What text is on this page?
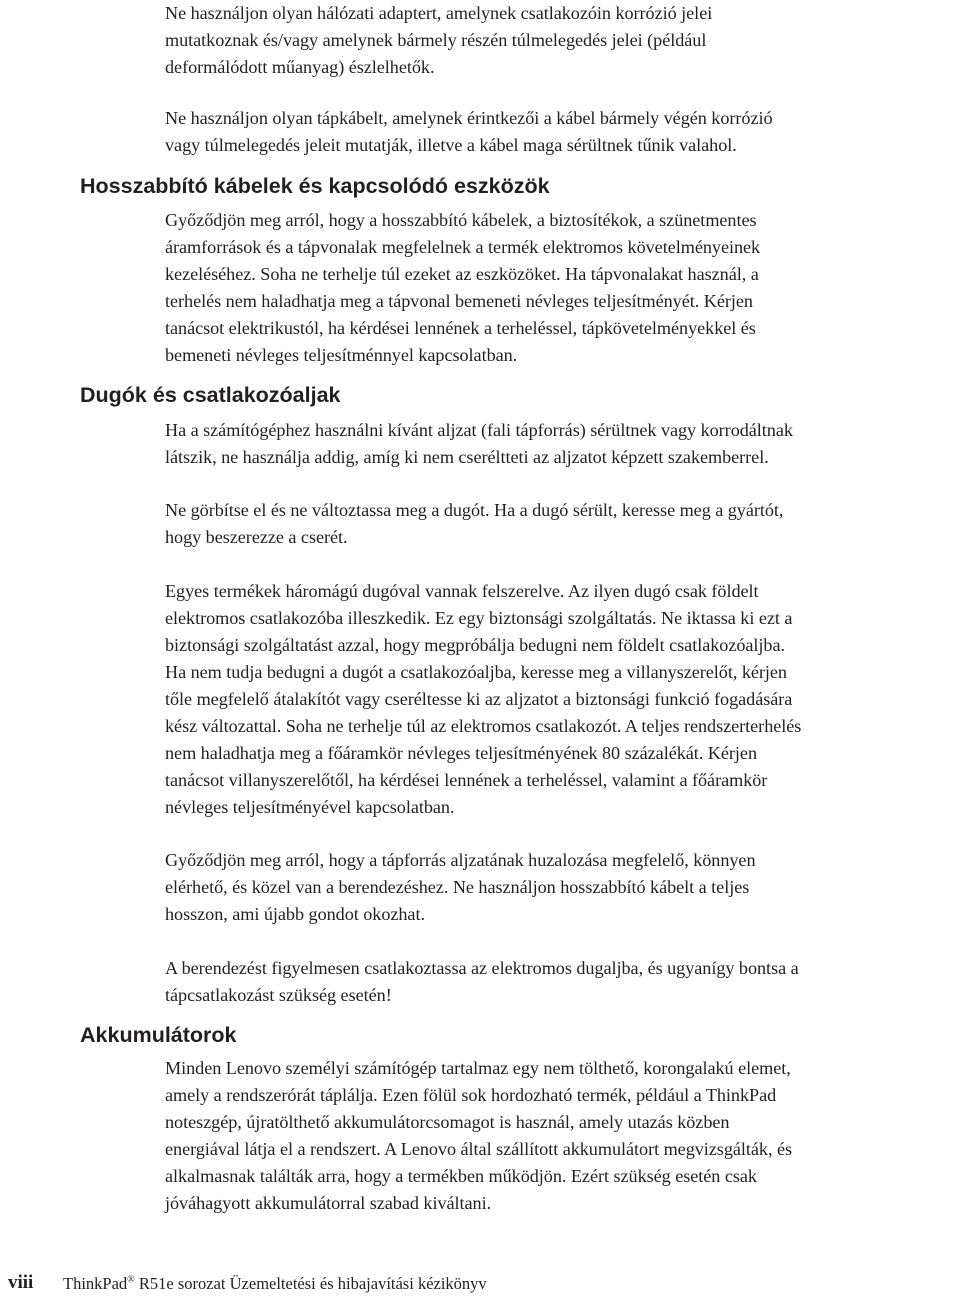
Ne használjon olyan hálózati adaptert, amelynek csatlakozóin korrózió jelei
mutatkoznak és/vagy amelynek bármely részén túlmelegedés jelei (például
deformálódott műanyag) észlelhetők.

Ne használjon olyan tápkábelt, amelynek érintkezői a kábel bármely végén korrózió
vagy túlmelegedés jeleit mutatják, illetve a kábel maga sérültnek tűnik valahol.

Hosszabbító kábelek és kapcsolódó eszközök

Győződjön meg arról, hogy a hosszabbító kábelek, a biztosítékok, a szünetmentes
áramforrások és a tápvonalak megfelelnek a termék elektromos követelményeinek
kezeléséhez. Soha ne terhelje túl ezeket az eszközöket. Ha tápvonalakat használ, a
terhelés nem haladhatja meg a tápvonal bemeneti névleges teljesítményét. Kérjen
tanácsot elektrikustól, ha kérdései lennének a terheléssel, tápkövetelményekkel és
bemeneti névleges teljesítménnyel kapcsolatban.

Dugók és csatlakozóaljak

Ha a számítógéphez használni kívánt aljzat (fali tápforrás) sérültnek vagy korrodáltnak
látszik, ne használja addig, amíg ki nem cseréltteti az aljzatot képzett szakemberrel.

Ne görbítse el és ne változtassa meg a dugót. Ha a dugó sérült, keresse meg a gyártót,
hogy beszerezze a cserét.

Egyes termékek háromágú dugóval vannak felszerelve. Az ilyen dugó csak földelt
elektromos csatlakozóba illeszkedik. Ez egy biztonsági szolgáltatás. Ne iktassa ki ezt a
biztonsági szolgáltatást azzal, hogy megpróbálja bedugni nem földelt csatlakozóaljba.
Ha nem tudja bedugni a dugót a csatlakozóaljba, keresse meg a villanyszerelőt, kérjen
tőle megfelelő átalakítót vagy cseréltesse ki az aljzatot a biztonsági funkció fogadására
kész változattal. Soha ne terhelje túl az elektromos csatlakozót. A teljes rendszerterhelés
nem haladhatja meg a főáramkör névleges teljesítményének 80 százalékát. Kérjen
tanácsot villanyszerelőtől, ha kérdései lennének a terheléssel, valamint a főáramkör
névleges teljesítményével kapcsolatban.

Győződjön meg arról, hogy a tápforrás aljzatának huzalozása megfelelő, könnyen
elérhető, és közel van a berendezéshez. Ne használjon hosszabbító kábelt a teljes
hosszon, ami újabb gondot okozhat.

A berendezést figyelmesen csatlakoztassa az elektromos dugaljba, és ugyanígy bontsa a
tápcsatlakozást szükség esetén!

Akkumulátorok

Minden Lenovo személyi számítógép tartalmaz egy nem tölthető, korongalakú elemet,
amely a rendszerórát táplálja. Ezen fölül sok hordozható termék, például a ThinkPad
noteszgép, újratölthető akkumulátorcsomagot is használ, amely utazás közben
energiával látja el a rendszert. A Lenovo által szállított akkumulátort megvizsgálták, és
alkalmasnak találták arra, hogy a termékben működjön. Ezért szükség esetén csak
jóváhagyott akkumulátorral szabad kiváltani.

viii ThinkPad® R51e sorozat Üzemeltetési és hibajavítási kézikönyv
